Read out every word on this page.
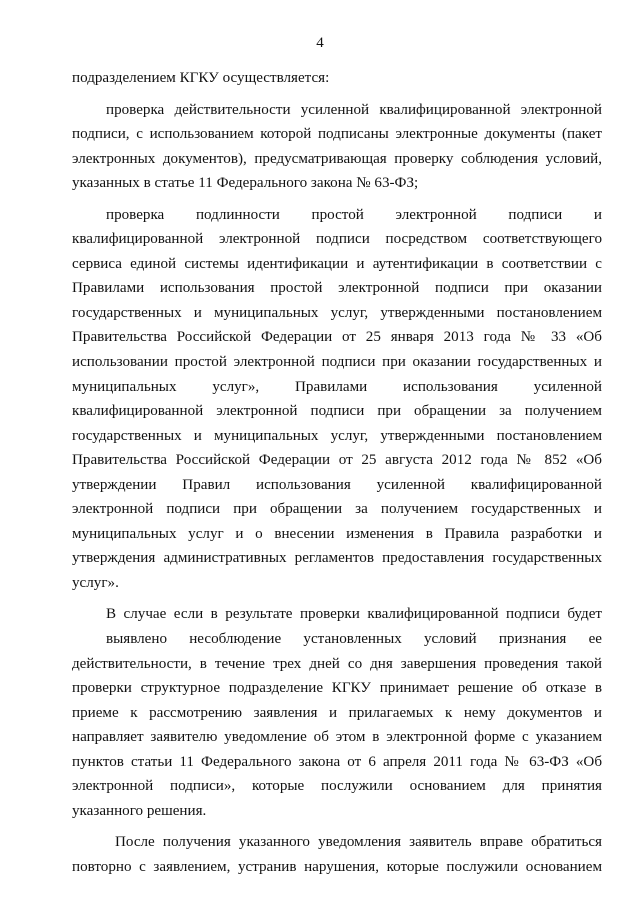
4
подразделением КГКУ осуществляется:
проверка действительности усиленной квалифицированной электронной
подписи, с использованием которой подписаны электронные документы (пакет
электронных документов), предусматривающая проверку соблюдения условий,
указанных в статье 11 Федерального закона № 63-ФЗ;
проверка подлинности простой электронной подписи и
квалифицированной электронной подписи посредством соответствующего
сервиса единой системы идентификации и аутентификации в соответствии с
Правилами использования простой электронной подписи при оказании
государственных и муниципальных услуг, утвержденными постановлением
Правительства Российской Федерации от 25 января 2013 года № 33 «Об
использовании простой электронной подписи при оказании государственных и
муниципальных услуг», Правилами использования усиленной
квалифицированной электронной подписи при обращении за получением
государственных и муниципальных услуг, утвержденными постановлением
Правительства Российской Федерации от 25 августа 2012 года № 852 «Об
утверждении Правил использования усиленной квалифицированной
электронной подписи при обращении за получением государственных и
муниципальных услуг и о внесении изменения в Правила разработки и
утверждения административных регламентов предоставления государственных
услуг».
В случае если в результате проверки квалифицированной подписи будет
выявлено несоблюдение установленных условий признания ее
действительности, в течение трех дней со дня завершения проведения такой
проверки структурное подразделение КГКУ принимает решение об отказе в
приеме к рассмотрению заявления и прилагаемых к нему документов и
направляет заявителю уведомление об этом в электронной форме с указанием
пунктов статьи 11 Федерального закона от 6 апреля 2011 года № 63-ФЗ «Об
электронной подписи», которые послужили основанием для принятия
указанного решения.
После получения указанного уведомления заявитель вправе обратиться
повторно с заявлением, устранив нарушения, которые послужили основанием
